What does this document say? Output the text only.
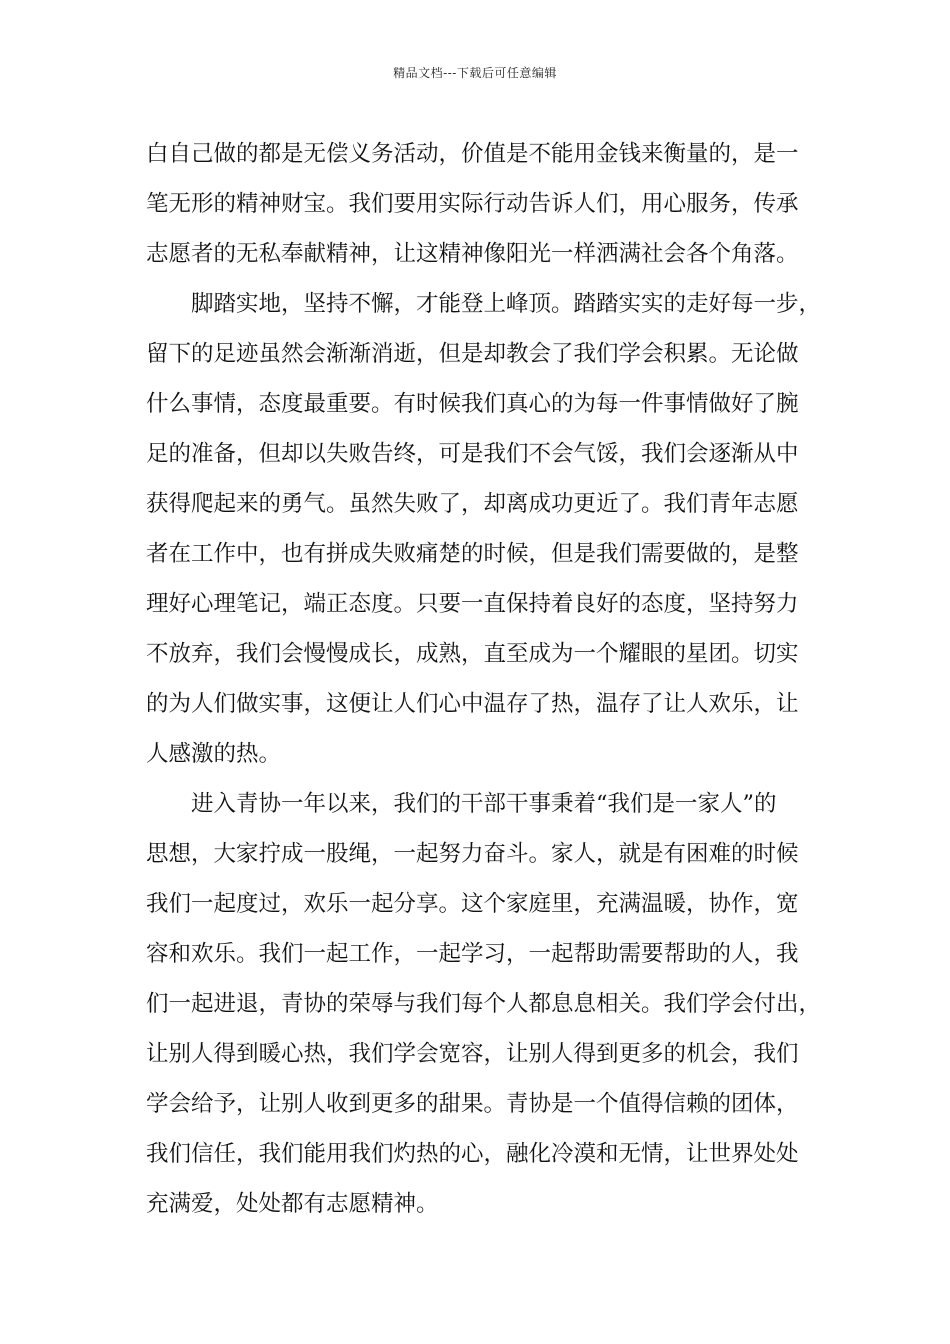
精品文档---下载后可任意编辑
白自己做的都是无偿义务活动，价值是不能用金钱来衡量的，是一
笔无形的精神财宝。我们要用实际行动告诉人们，用心服务，传承
志愿者的无私奉献精神，让这精神像阳光一样洒满社会各个角落。
脚踏实地，坚持不懈，才能登上峰顶。踏踏实实的走好每一步，
留下的足迹虽然会渐渐消逝，但是却教会了我们学会积累。无论做
什么事情，态度最重要。有时候我们真心的为每一件事情做好了腕
足的准备，但却以失败告终，可是我们不会气馁，我们会逐渐从中
获得爬起来的勇气。虽然失败了，却离成功更近了。我们青年志愿
者在工作中，也有拼成失败痛楚的时候，但是我们需要做的，是整
理好心理笔记，端正态度。只要一直保持着良好的态度，坚持努力
不放弃，我们会慢慢成长，成熟，直至成为一个耀眼的星团。切实
的为人们做实事，这便让人们心中温存了热，温存了让人欢乐，让
人感激的热。
进入青协一年以来，我们的干部干事秉着“我们是一家人”的
思想，大家拧成一股绳，一起努力奋斗。家人，就是有困难的时候
我们一起度过，欢乐一起分享。这个家庭里，充满温暖，协作，宽
容和欢乐。我们一起工作，一起学习，一起帮助需要帮助的人，我
们一起进退，青协的荣辱与我们每个人都息息相关。我们学会付出，
让别人得到暖心热，我们学会宽容，让别人得到更多的机会，我们
学会给予，让别人收到更多的甜果。青协是一个值得信赖的团体，
我们信任，我们能用我们灼热的心，融化冷漠和无情，让世界处处
充满爱，处处都有志愿精神。
